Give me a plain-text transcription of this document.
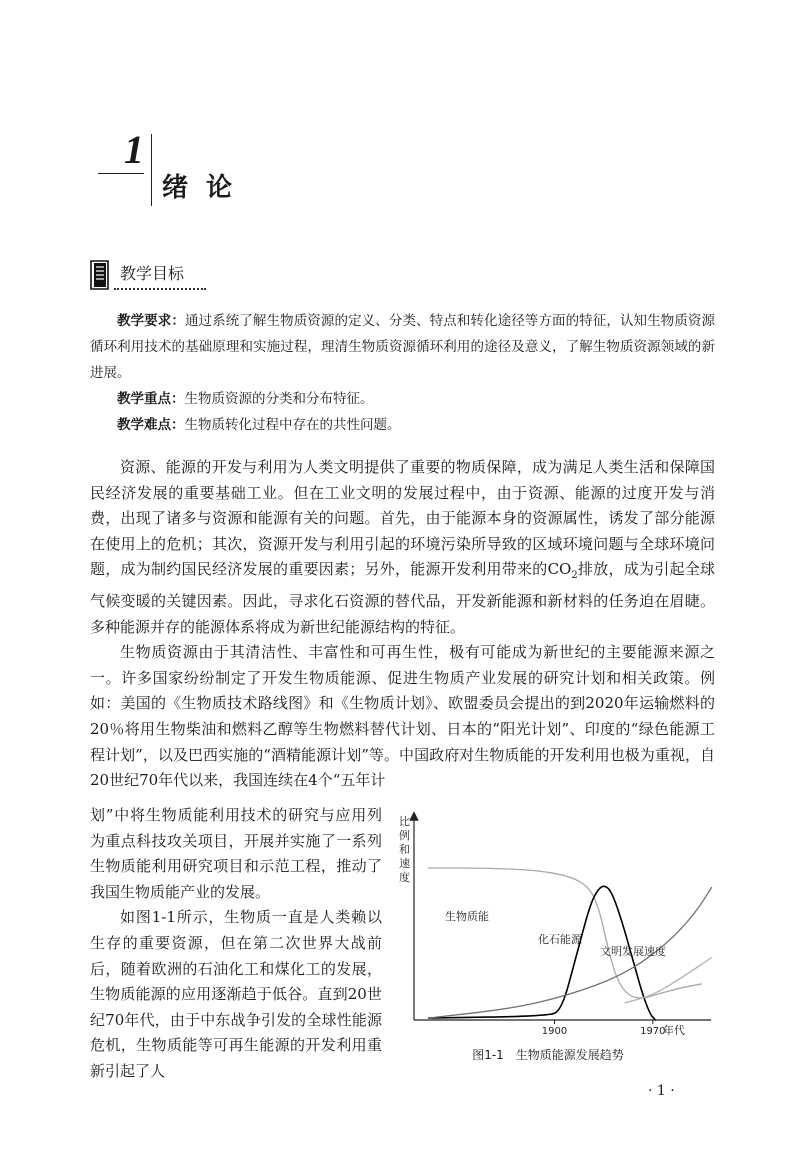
1
绪论
教学目标

教学要求：通过系统了解生物质资源的定义、分类、特点和转化途径等方面的特征，认知生物质资源循环利用技术的基础原理和实施过程，理清生物质资源循环利用的途径及意义，了解生物质资源领域的新进展。

教学重点：生物质资源的分类和分布特征。

教学难点：生物质转化过程中存在的共性问题。

资源、能源的开发与利用为人类文明提供了重要的物质保障，成为满足人类生活和保障国民经济发展的重要基础工业。但在工业文明的发展过程中，由于资源、能源的过度开发与消费，出现了诸多与资源和能源有关的问题。首先，由于能源本身的资源属性，诱发了部分能源在使用上的危机；其次，资源开发与利用引起的环境污染所导致的区域环境问题与全球环境问题，成为制约国民经济发展的重要因素；另外，能源开发利用带来的$CO_2$排放，成为引起全球气候变暖的关键因素。因此，寻求化石资源的替代品，开发新能源和新材料的任务迫在眉睫。多种能源并存的能源体系将成为新世纪能源结构的特征。

生物质资源由于其清洁性、丰富性和可再生性，极有可能成为新世纪的主要能源来源之一。许多国家纷纷制定了开发生物质能源、促进生物质产业发展的研究计划和相关政策。例如：美国的《生物质技术路线图》和《生物质计划》、欧盟委员会提出的到2020年运输燃料的20％将用生物柴油和燃料乙醇等生物燃料替代计划、日本的“阳光计划”、印度的“绿色能源工程计划”，以及巴西实施的“酒精能源计划”等。中国政府对生物质能的开发利用也极为重视，自20世纪70年代以来，我国连续在4个“五年计

划”中将生物质能利用技术的研究与应用列为重点科技攻关项目，开展并实施了一系列生物质能利用研究项目和示范工程，推动了我国生物质能产业的发展。

如图1-1所示，生物质一直是人类赖以生存的重要资源，但在第二次世界大战前后，随着欧洲的石油化工和煤化工的发展，生物质能源的应用逐渐趋于低谷。直到20世纪70年代，由于中东战争引发的全球性能源危机，生物质能等可再生能源的开发利用重新引起了人

比例和速度
年代
生物质能
化石能源
文明发展速度
1900	1970
图1-1　生物质能源发展趋势
· 1 ·
